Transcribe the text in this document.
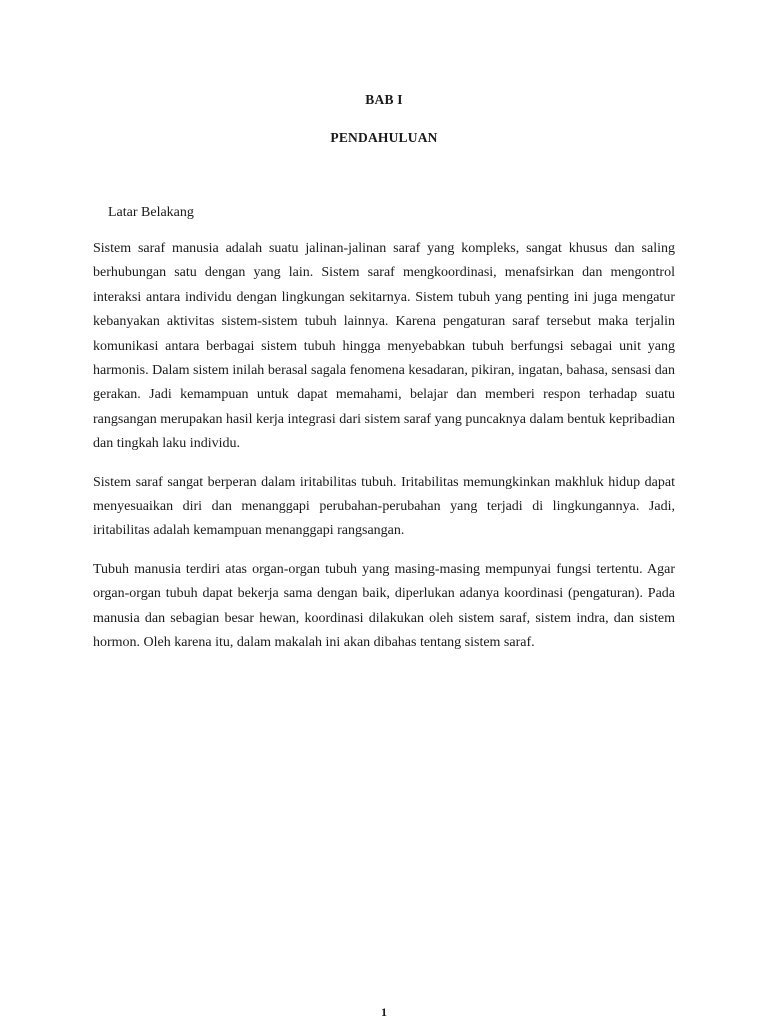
BAB I
PENDAHULUAN
Latar Belakang

Sistem saraf manusia adalah suatu jalinan-jalinan saraf yang kompleks, sangat khusus dan saling berhubungan satu dengan yang lain. Sistem saraf mengkoordinasi, menafsirkan dan mengontrol interaksi antara individu dengan lingkungan sekitarnya. Sistem tubuh yang penting ini juga mengatur kebanyakan aktivitas sistem-sistem tubuh lainnya. Karena pengaturan saraf tersebut maka terjalin komunikasi antara berbagai sistem tubuh hingga menyebabkan tubuh berfungsi sebagai unit yang harmonis. Dalam sistem inilah berasal sagala fenomena kesadaran, pikiran, ingatan, bahasa, sensasi dan gerakan. Jadi kemampuan untuk dapat memahami, belajar dan memberi respon terhadap suatu rangsangan merupakan hasil kerja integrasi dari sistem saraf yang puncaknya dalam bentuk kepribadian dan tingkah laku individu.

Sistem saraf sangat berperan dalam iritabilitas tubuh. Iritabilitas memungkinkan makhluk hidup dapat menyesuaikan diri dan menanggapi perubahan-perubahan yang terjadi di lingkungannya. Jadi, iritabilitas adalah kemampuan menanggapi rangsangan.

Tubuh manusia terdiri atas organ-organ tubuh yang masing-masing mempunyai fungsi tertentu. Agar organ-organ tubuh dapat bekerja sama dengan baik, diperlukan adanya koordinasi (pengaturan). Pada manusia dan sebagian besar hewan, koordinasi dilakukan oleh sistem saraf, sistem indra, dan sistem hormon. Oleh karena itu, dalam makalah ini akan dibahas tentang sistem saraf.

1
